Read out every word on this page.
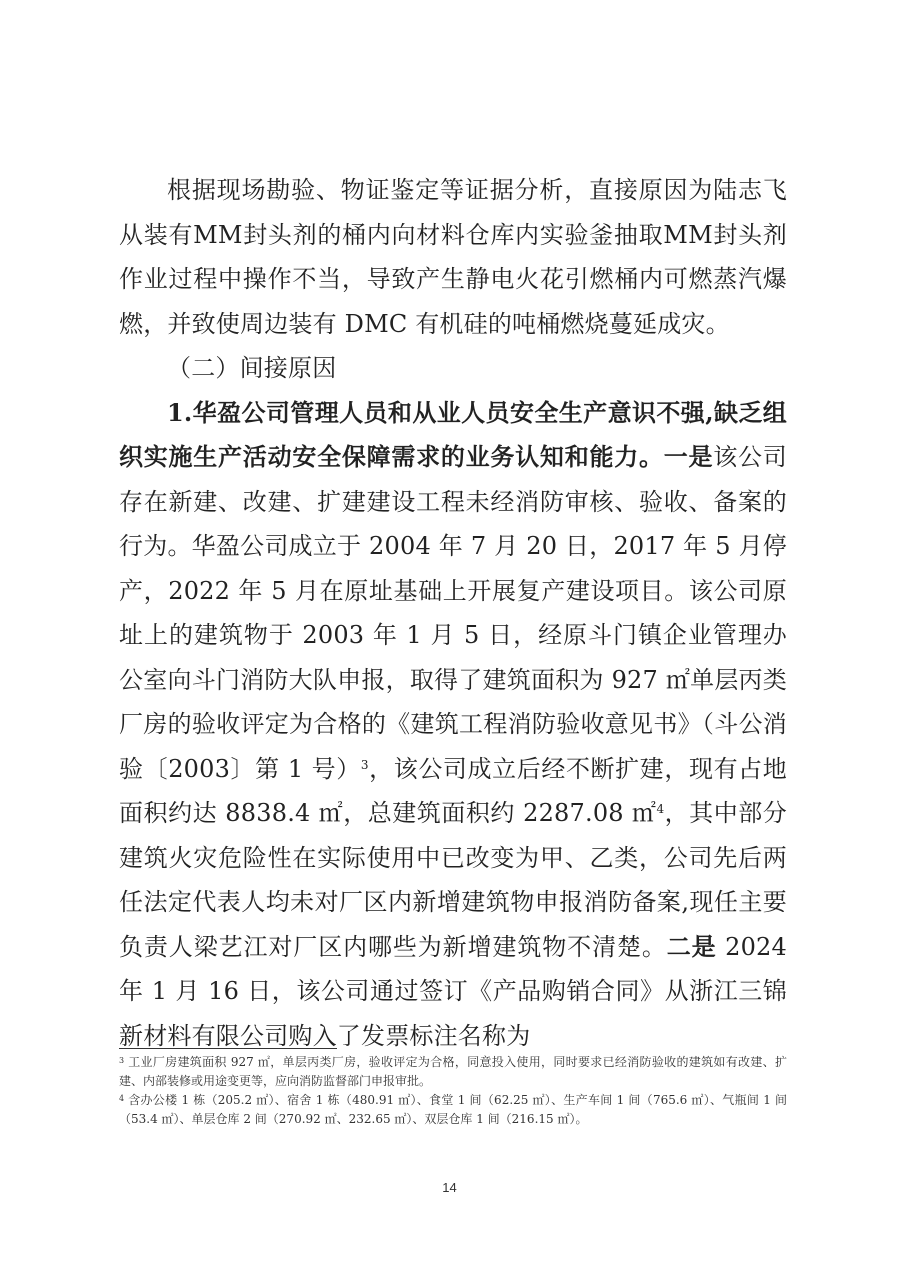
根据现场勘验、物证鉴定等证据分析，直接原因为陆志飞从装有MM封头剂的桶内向材料仓库内实验釜抽取MM封头剂作业过程中操作不当，导致产生静电火花引燃桶内可燃蒸汽爆燃，并致使周边装有 DMC 有机硅的吨桶燃烧蔓延成灾。

（二）间接原因

1.华盈公司管理人员和从业人员安全生产意识不强,缺乏组织实施生产活动安全保障需求的业务认知和能力。一是该公司存在新建、改建、扩建建设工程未经消防审核、验收、备案的行为。华盈公司成立于 2004 年 7 月 20 日，2017 年 5 月停产，2022 年 5 月在原址基础上开展复产建设项目。该公司原址上的建筑物于 2003 年 1 月 5 日，经原斗门镇企业管理办公室向斗门消防大队申报，取得了建筑面积为 927 ㎡单层丙类厂房的验收评定为合格的《建筑工程消防验收意见书》（斗公消验〔2003〕第 1 号）$^3$，该公司成立后经不断扩建，现有占地面积约达 8838.4 ㎡，总建筑面积约 2287.08 ㎡$^4$，其中部分建筑火灾危险性在实际使用中已改变为甲、乙类，公司先后两任法定代表人均未对厂区内新增建筑物申报消防备案,现任主要负责人梁艺江对厂区内哪些为新增建筑物不清楚。二是 2024 年 1 月 16 日，该公司通过签订《产品购销合同》从浙江三锦新材料有限公司购入了发票标注名称为

$^3$ 工业厂房建筑面积 927 ㎡，单层丙类厂房，验收评定为合格，同意投入使用，同时要求已经消防验收的建筑如有改建、扩建、内部装修或用途变更等，应向消防监督部门申报审批。

$^4$ 含办公楼 1 栋（205.2 ㎡）、宿舍 1 栋（480.91 ㎡）、食堂 1 间（62.25 ㎡）、生产车间 1 间（765.6 ㎡）、气瓶间 1 间（53.4 ㎡）、单层仓库 2 间（270.92 ㎡、232.65 ㎡）、双层仓库 1 间（216.15 ㎡）。

14
